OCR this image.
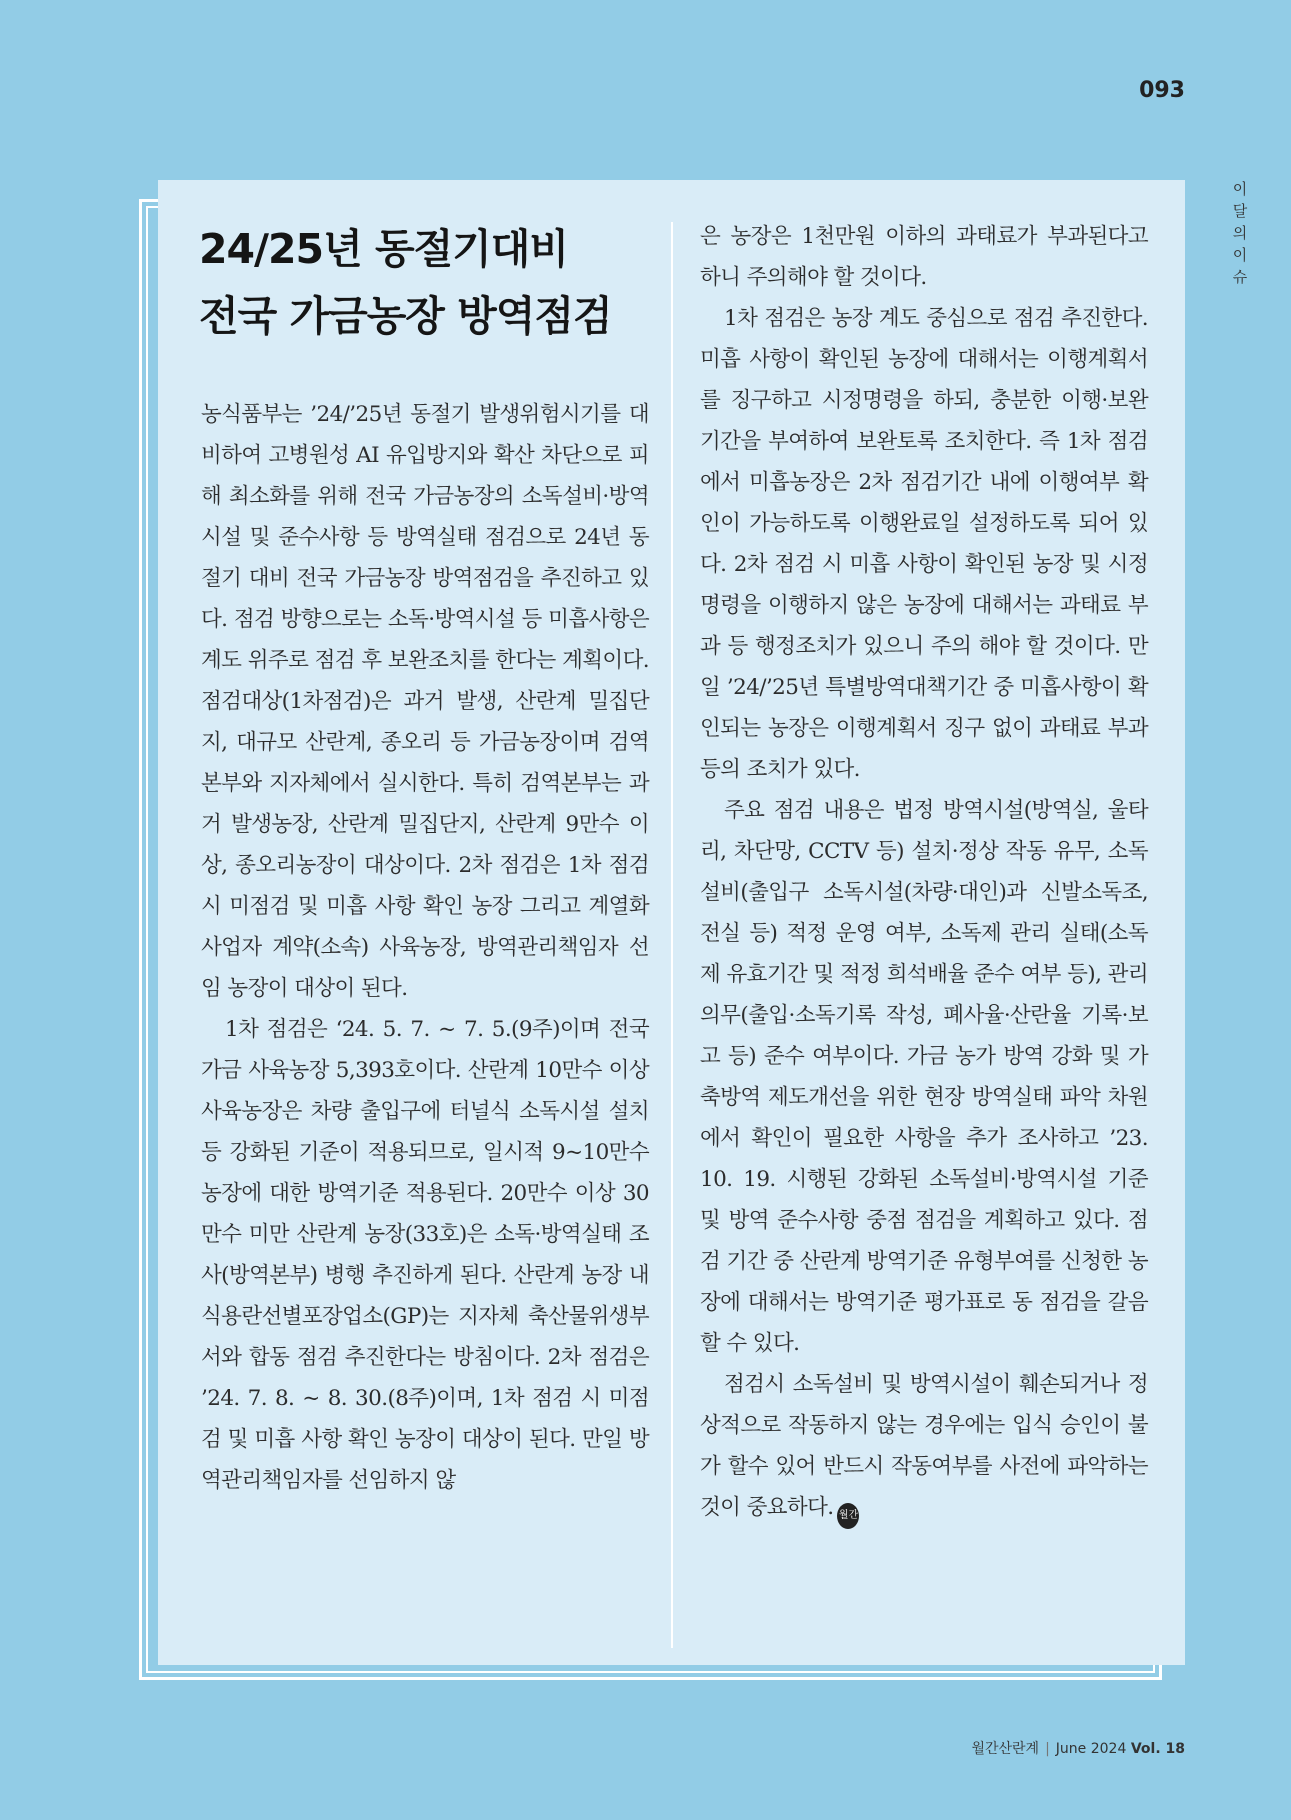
093
이달의 이슈
24/25년 동절기대비
전국 가금농장 방역점검

농식품부는 ’24/’25년 동절기 발생위험시기를 대비하여 고병원성 AI 유입방지와 확산 차단으로 피해 최소화를 위해 전국 가금농장의 소독설비·방역시설 및 준수사항 등 방역실태 점검으로 24년 동절기 대비 전국 가금농장 방역점검을 추진하고 있다. 점검 방향으로는 소독·방역시설 등 미흡사항은 계도 위주로 점검 후 보완조치를 한다는 계획이다. 점검대상(1차점검)은 과거 발생, 산란계 밀집단지, 대규모 산란계, 종오리 등 가금농장이며 검역본부와 지자체에서 실시한다. 특히 검역본부는 과거 발생농장, 산란계 밀집단지, 산란계 9만수 이상, 종오리농장이 대상이다. 2차 점검은 1차 점검 시 미점검 및 미흡 사항 확인 농장 그리고 계열화사업자 계약(소속) 사육농장, 방역관리책임자 선임 농장이 대상이 된다.

1차 점검은 ‘24. 5. 7. ~ 7. 5.(9주)이며 전국 가금 사육농장 5,393호이다. 산란계 10만수 이상 사육농장은 차량 출입구에 터널식 소독시설 설치 등 강화된 기준이 적용되므로, 일시적 9~10만수 농장에 대한 방역기준 적용된다. 20만수 이상 30만수 미만 산란계 농장(33호)은 소독·방역실태 조사(방역본부) 병행 추진하게 된다. 산란계 농장 내 식용란선별포장업소(GP)는 지자체 축산물위생부서와 합동 점검 추진한다는 방침이다. 2차 점검은 ’24. 7. 8. ~ 8. 30.(8주)이며, 1차 점검 시 미점검 및 미흡 사항 확인 농장이 대상이 된다. 만일 방역관리책임자를 선임하지 않

은 농장은 1천만원 이하의 과태료가 부과된다고 하니 주의해야 할 것이다.

1차 점검은 농장 계도 중심으로 점검 추진한다. 미흡 사항이 확인된 농장에 대해서는 이행계획서를 징구하고 시정명령을 하되, 충분한 이행·보완 기간을 부여하여 보완토록 조치한다. 즉 1차 점검에서 미흡농장은 2차 점검기간 내에 이행여부 확인이 가능하도록 이행완료일 설정하도록 되어 있다. 2차 점검 시 미흡 사항이 확인된 농장 및 시정명령을 이행하지 않은 농장에 대해서는 과태료 부과 등 행정조치가 있으니 주의 해야 할 것이다. 만일 ’24/’25년 특별방역대책기간 중 미흡사항이 확인되는 농장은 이행계획서 징구 없이 과태료 부과 등의 조치가 있다.

주요 점검 내용은 법정 방역시설(방역실, 울타리, 차단망, CCTV 등) 설치·정상 작동 유무, 소독설비(출입구 소독시설(차량·대인)과 신발소독조, 전실 등) 적정 운영 여부, 소독제 관리 실태(소독제 유효기간 및 적정 희석배율 준수 여부 등), 관리의무(출입·소독기록 작성, 폐사율·산란율 기록·보고 등) 준수 여부이다. 가금 농가 방역 강화 및 가축방역 제도개선을 위한 현장 방역실태 파악 차원에서 확인이 필요한 사항을 추가 조사하고 ’23. 10. 19. 시행된 강화된 소독설비·방역시설 기준 및 방역 준수사항 중점 점검을 계획하고 있다. 점검 기간 중 산란계 방역기준 유형부여를 신청한 농장에 대해서는 방역기준 평가표로 동 점검을 갈음할 수 있다.

점검시 소독설비 및 방역시설이 훼손되거나 정상적으로 작동하지 않는 경우에는 입식 승인이 불가 할수 있어 반드시 작동여부를 사전에 파악하는 것이 중요하다. 월간

월간산란계 | June 2024 Vol. 18
